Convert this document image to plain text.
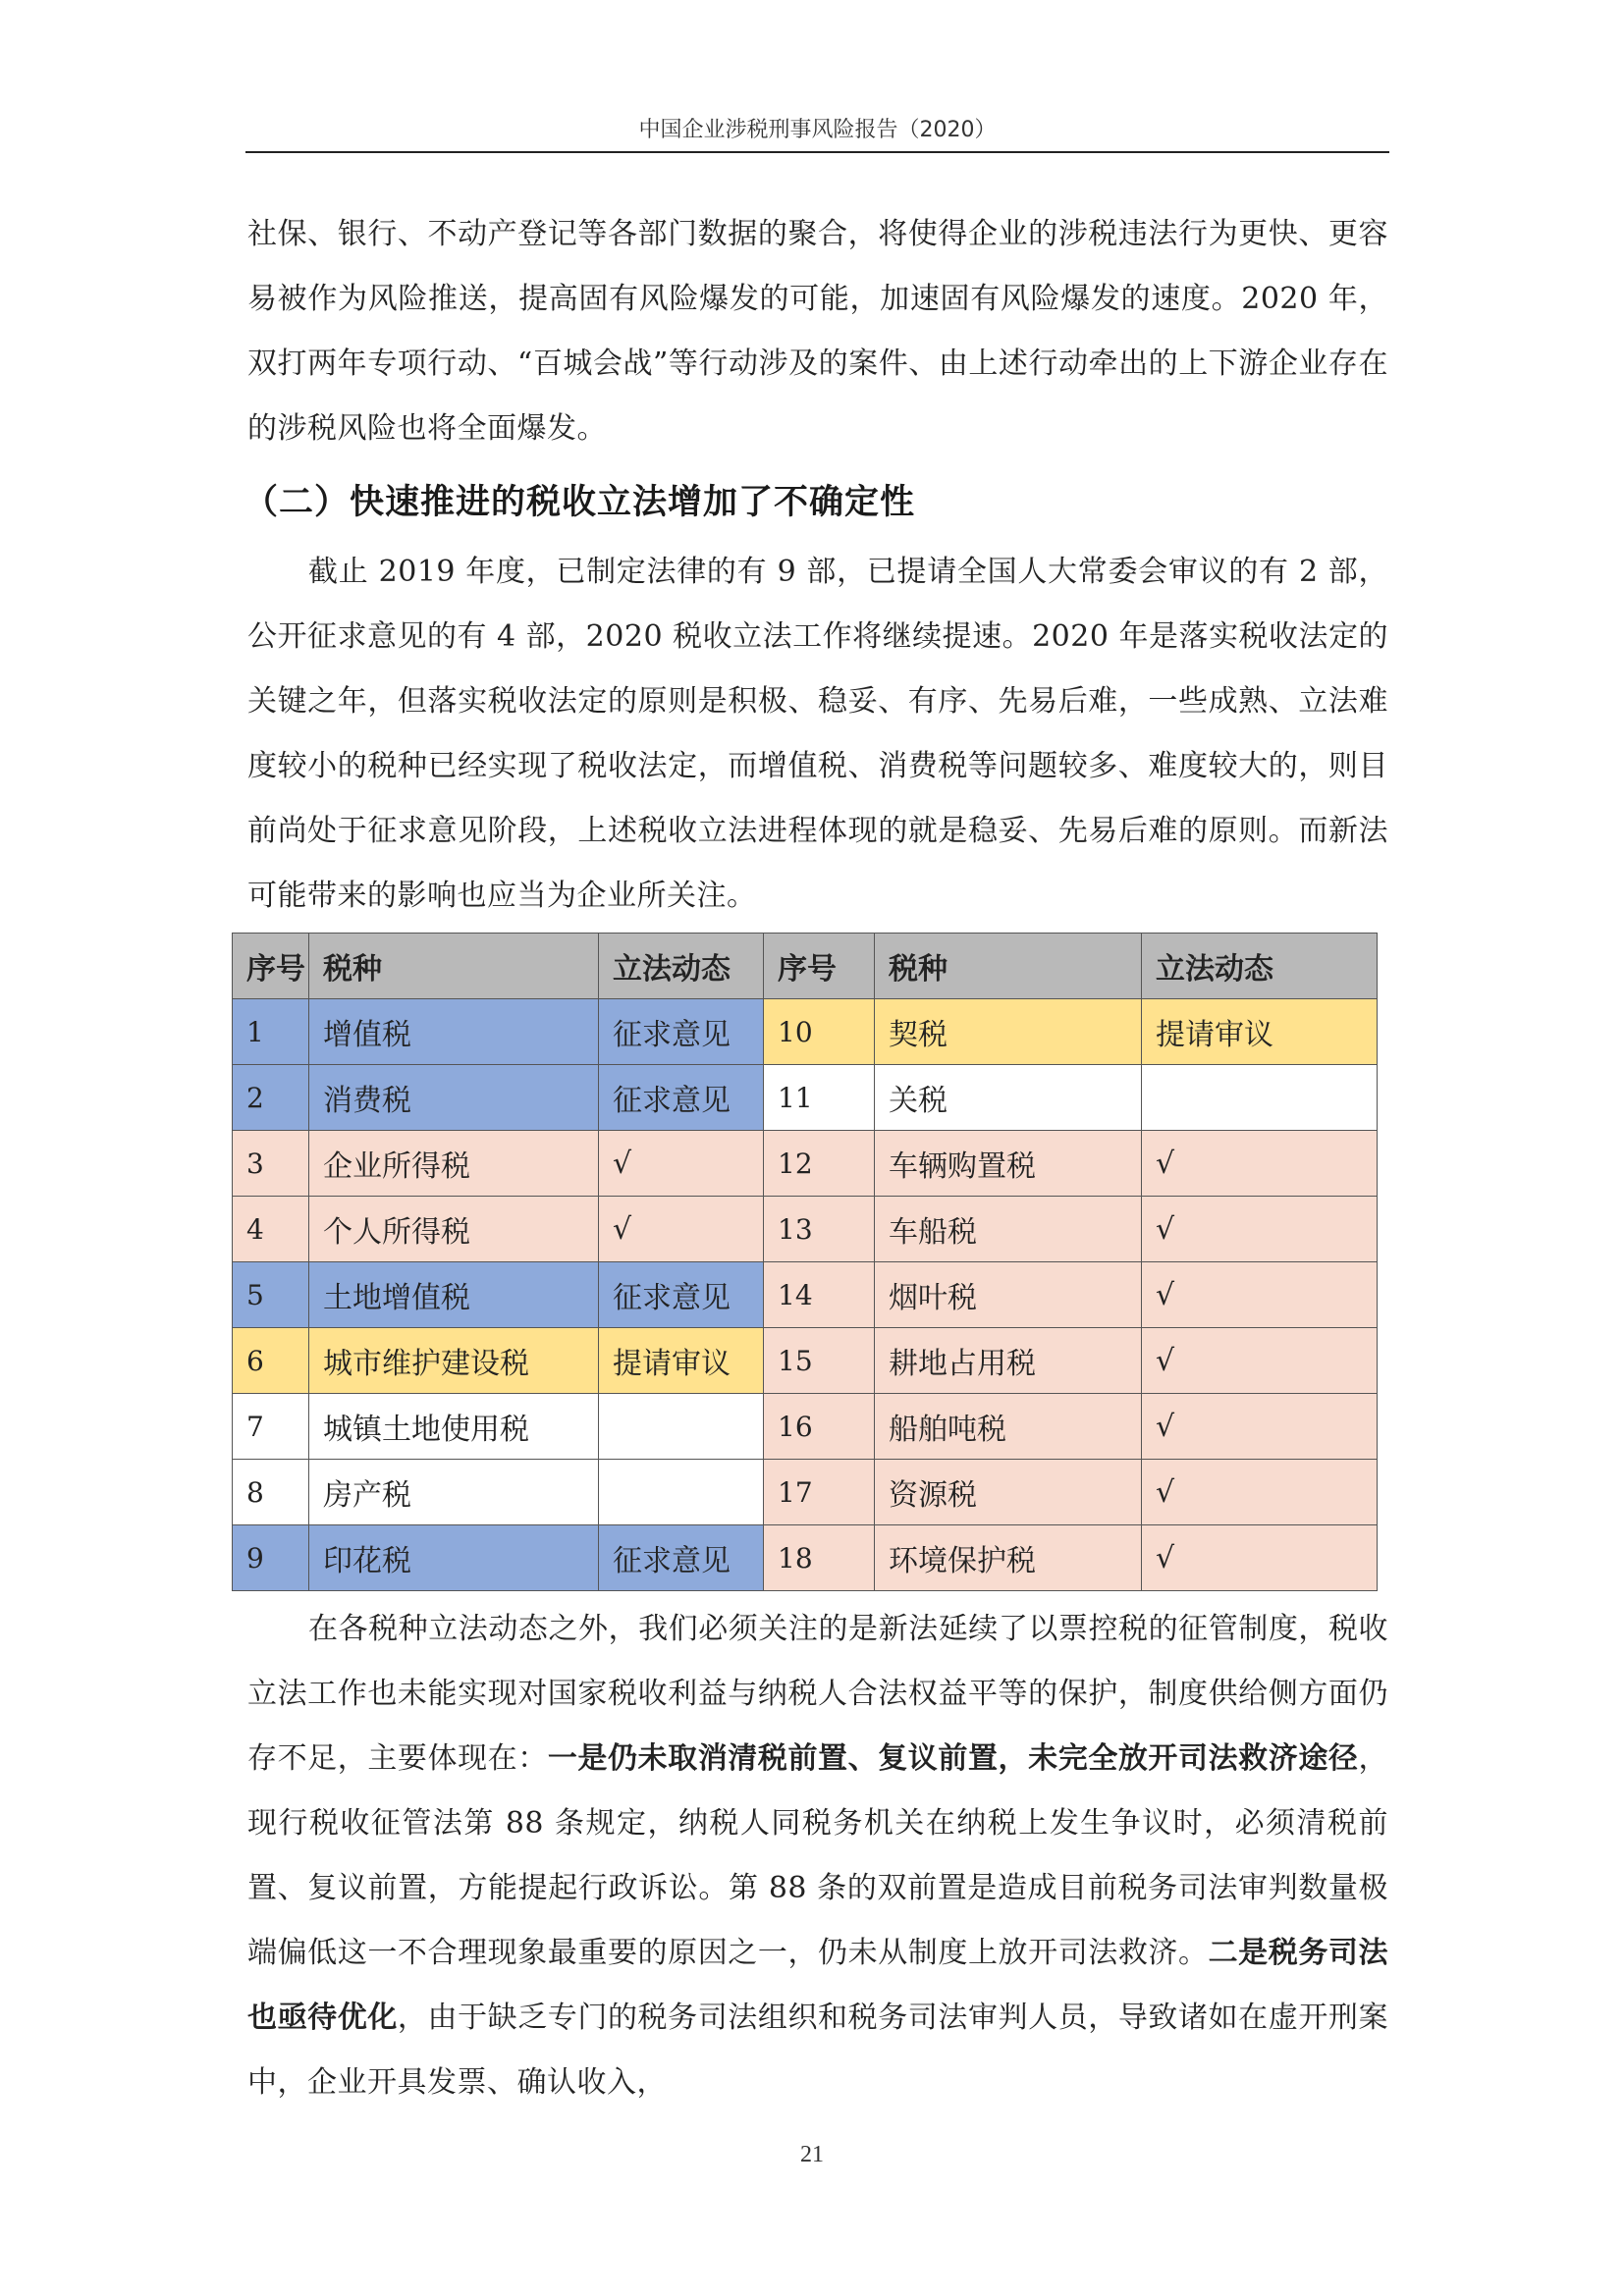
中国企业涉税刑事风险报告（2020）

社保、银行、不动产登记等各部门数据的聚合，将使得企业的涉税违法行为更快、更容易被作为风险推送，提高固有风险爆发的可能，加速固有风险爆发的速度。2020 年，双打两年专项行动、“百城会战”等行动涉及的案件、由上述行动牵出的上下游企业存在的涉税风险也将全面爆发。

（二）快速推进的税收立法增加了不确定性

截止 2019 年度，已制定法律的有 9 部，已提请全国人大常委会审议的有 2 部，公开征求意见的有 4 部，2020 税收立法工作将继续提速。2020 年是落实税收法定的关键之年，但落实税收法定的原则是积极、稳妥、有序、先易后难，一些成熟、立法难度较小的税种已经实现了税收法定，而增值税、消费税等问题较多、难度较大的，则目前尚处于征求意见阶段，上述税收立法进程体现的就是稳妥、先易后难的原则。而新法可能带来的影响也应当为企业所关注。

序号	税种	立法动态	序号	税种	立法动态
1	增值税	征求意见	10	契税	提请审议
2	消费税	征求意见	11	关税	
3	企业所得税	√	12	车辆购置税	√
4	个人所得税	√	13	车船税	√
5	土地增值税	征求意见	14	烟叶税	√
6	城市维护建设税	提请审议	15	耕地占用税	√
7	城镇土地使用税		16	船舶吨税	√
8	房产税		17	资源税	√
9	印花税	征求意见	18	环境保护税	√

在各税种立法动态之外，我们必须关注的是新法延续了以票控税的征管制度，税收立法工作也未能实现对国家税收利益与纳税人合法权益平等的保护，制度供给侧方面仍存不足，主要体现在：一是仍未取消清税前置、复议前置，未完全放开司法救济途径，现行税收征管法第 88 条规定，纳税人同税务机关在纳税上发生争议时，必须清税前置、复议前置，方能提起行政诉讼。第 88 条的双前置是造成目前税务司法审判数量极端偏低这一不合理现象最重要的原因之一，仍未从制度上放开司法救济。二是税务司法也亟待优化，由于缺乏专门的税务司法组织和税务司法审判人员，导致诸如在虚开刑案中，企业开具发票、确认收入，

21
